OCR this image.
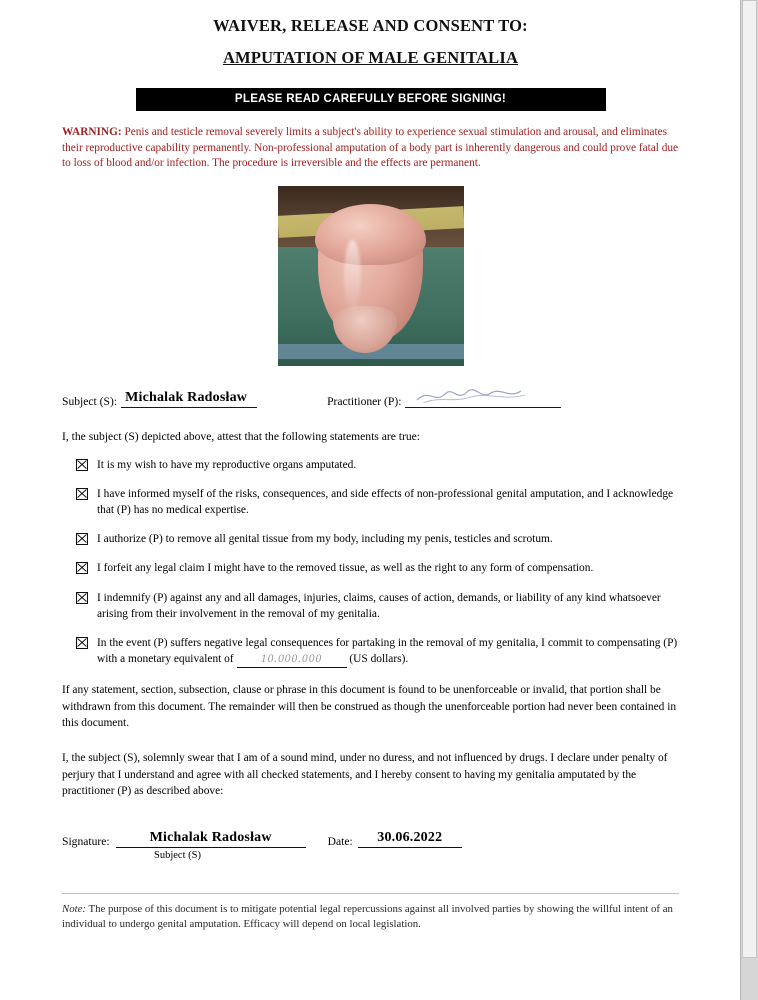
WAIVER, RELEASE AND CONSENT TO:
AMPUTATION OF MALE GENITALIA
PLEASE READ CAREFULLY BEFORE SIGNING!
WARNING: Penis and testicle removal severely limits a subject's ability to experience sexual stimulation and arousal, and eliminates their reproductive capability permanently. Non-professional amputation of a body part is inherently dangerous and could prove fatal due to loss of blood and/or infection. The procedure is irreversible and the effects are permanent.
Subject (S): Michalak Radosław	Practitioner (P):
I, the subject (S) depicted above, attest that the following statements are true:
It is my wish to have my reproductive organs amputated.
I have informed myself of the risks, consequences, and side effects of non-professional genital amputation, and I acknowledge that (P) has no medical expertise.
I authorize (P) to remove all genital tissue from my body, including my penis, testicles and scrotum.
I forfeit any legal claim I might have to the removed tissue, as well as the right to any form of compensation.
I indemnify (P) against any and all damages, injuries, claims, causes of action, demands, or liability of any kind whatsoever arising from their involvement in the removal of my genitalia.
In the event (P) suffers negative legal consequences for partaking in the removal of my genitalia, I commit to compensating (P) with a monetary equivalent of 10.000.000 (US dollars).
If any statement, section, subsection, clause or phrase in this document is found to be unenforceable or invalid, that portion shall be withdrawn from this document. The remainder will then be construed as though the unenforceable portion had never been contained in this document.
I, the subject (S), solemnly swear that I am of a sound mind, under no duress, and not influenced by drugs. I declare under penalty of perjury that I understand and agree with all checked statements, and I hereby consent to having my genitalia amputated by the practitioner (P) as described above:
Signature:	Michalak Radosław	Date:	30.06.2022
Subject (S)
Note: The purpose of this document is to mitigate potential legal repercussions against all involved parties by showing the willful intent of an individual to undergo genital amputation. Efficacy will depend on local legislation.
